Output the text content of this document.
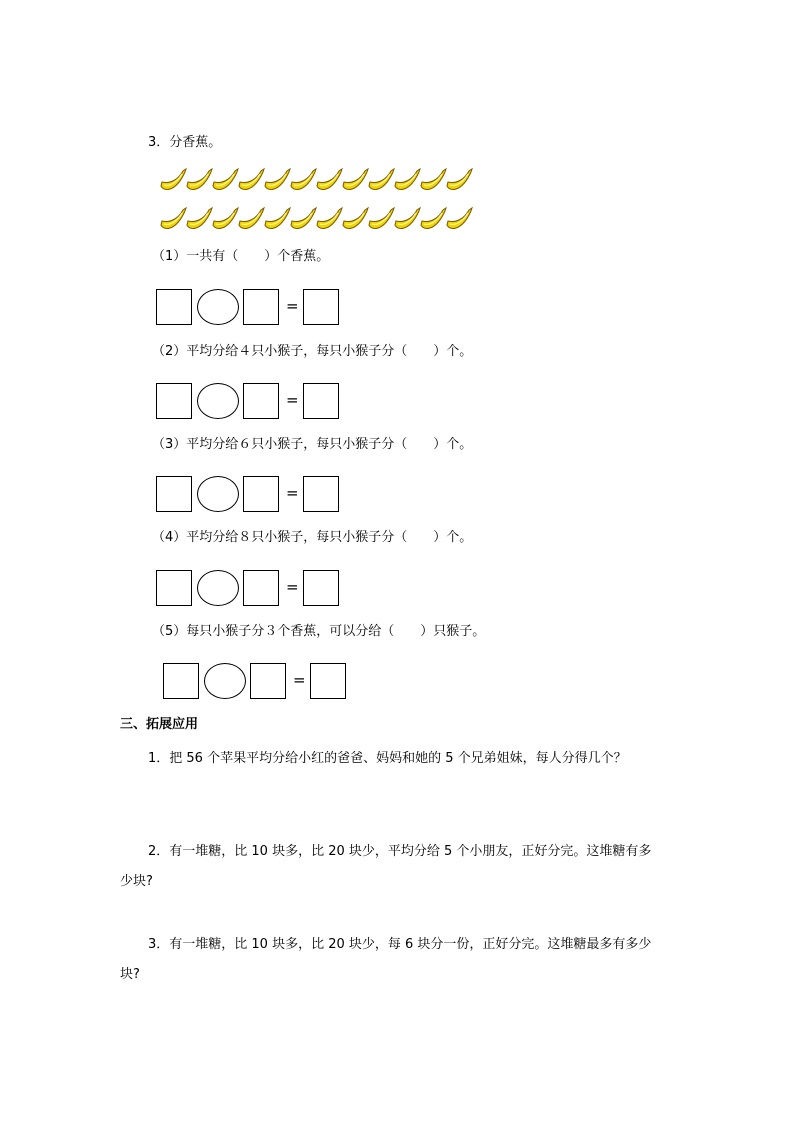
3．分香蕉。
（1）一共有（　　）个香蕉。
=
（2）平均分给４只小猴子，每只小猴子分（　　）个。
=
（3）平均分给６只小猴子，每只小猴子分（　　）个。
=
（4）平均分给８只小猴子，每只小猴子分（　　）个。
=
（5）每只小猴子分３个香蕉，可以分给（　　）只猴子。
=
三、拓展应用
1．把 56 个苹果平均分给小红的爸爸、妈妈和她的 5 个兄弟姐妹，每人分得几个？
2．有一堆糖，比 10 块多，比 20 块少，平均分给 5 个小朋友，正好分完。这堆糖有多
少块?
3．有一堆糖，比 10 块多，比 20 块少，每 6 块分一份，正好分完。这堆糖最多有多少
块?
